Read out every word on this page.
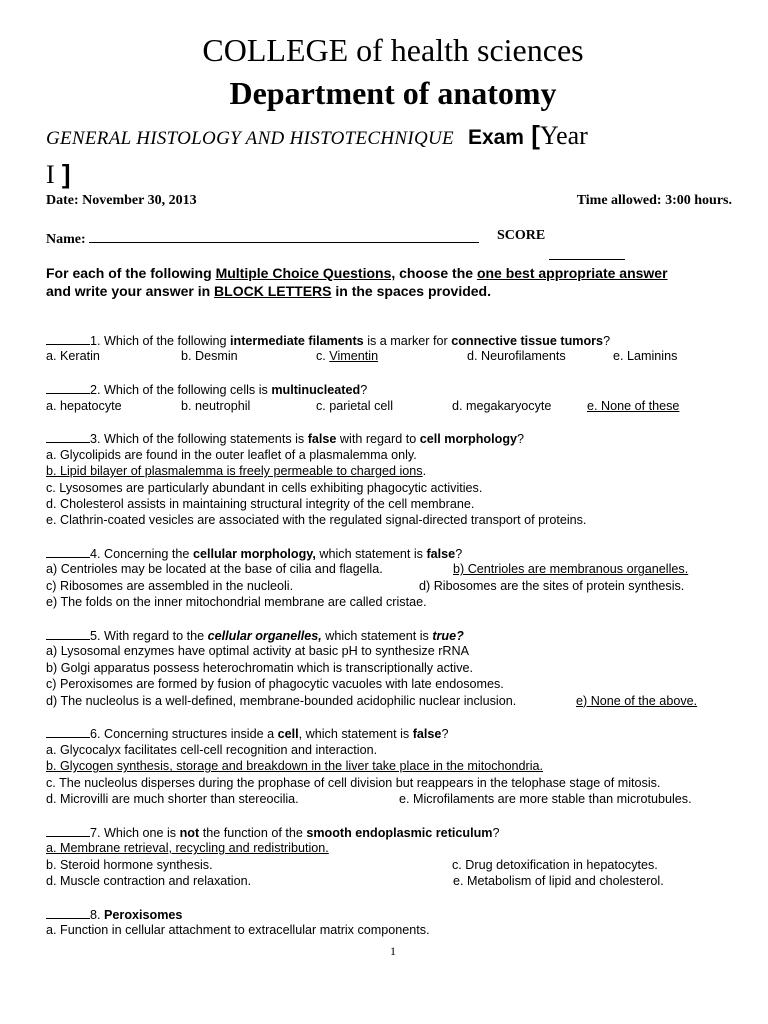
COLLEGE of health sciences
Department of anatomy
GENERAL HISTOLOGY AND HISTOTECHNIQUE Exam [Year
I ]
Date: November 30, 2013	Time allowed: 3:00 hours.
Name:	SCORE
For each of the following Multiple Choice Questions, choose the one best appropriate answer
and write your answer in BLOCK LETTERS in the spaces provided.
1. Which of the following intermediate filaments is a marker for connective tissue tumors?
a. Keratin	b. Desmin	c. Vimentin	d. Neurofilaments	e. Laminins
2. Which of the following cells is multinucleated?
a. hepatocyte	b. neutrophil	c. parietal cell	d. megakaryocyte	e. None of these
3. Which of the following statements is false with regard to cell morphology?
a. Glycolipids are found in the outer leaflet of a plasmalemma only.
b. Lipid bilayer of plasmalemma is freely permeable to charged ions.
c. Lysosomes are particularly abundant in cells exhibiting phagocytic activities.
d. Cholesterol assists in maintaining structural integrity of the cell membrane.
e. Clathrin-coated vesicles are associated with the regulated signal-directed transport of proteins.
4. Concerning the cellular morphology, which statement is false?
a) Centrioles may be located at the base of cilia and flagella.	b) Centrioles are membranous organelles.
c) Ribosomes are assembled in the nucleoli.	d) Ribosomes are the sites of protein synthesis.
e) The folds on the inner mitochondrial membrane are called cristae.
5. With regard to the cellular organelles, which statement is true?
a) Lysosomal enzymes have optimal activity at basic pH to synthesize rRNA
b) Golgi apparatus possess heterochromatin which is transcriptionally active.
c) Peroxisomes are formed by fusion of phagocytic vacuoles with late endosomes.
d) The nucleolus is a well-defined, membrane-bounded acidophilic nuclear inclusion.	e) None of the above.
6. Concerning structures inside a cell, which statement is false?
a. Glycocalyx facilitates cell-cell recognition and interaction.
b. Glycogen synthesis, storage and breakdown in the liver take place in the mitochondria.
c. The nucleolus disperses during the prophase of cell division but reappears in the telophase stage of mitosis.
d. Microvilli are much shorter than stereocilia.	e. Microfilaments are more stable than microtubules.
7. Which one is not the function of the smooth endoplasmic reticulum?
a. Membrane retrieval, recycling and redistribution.
b. Steroid hormone synthesis.	c. Drug detoxification in hepatocytes.
d. Muscle contraction and relaxation.	e. Metabolism of lipid and cholesterol.
8. Peroxisomes
a. Function in cellular attachment to extracellular matrix components.
1
